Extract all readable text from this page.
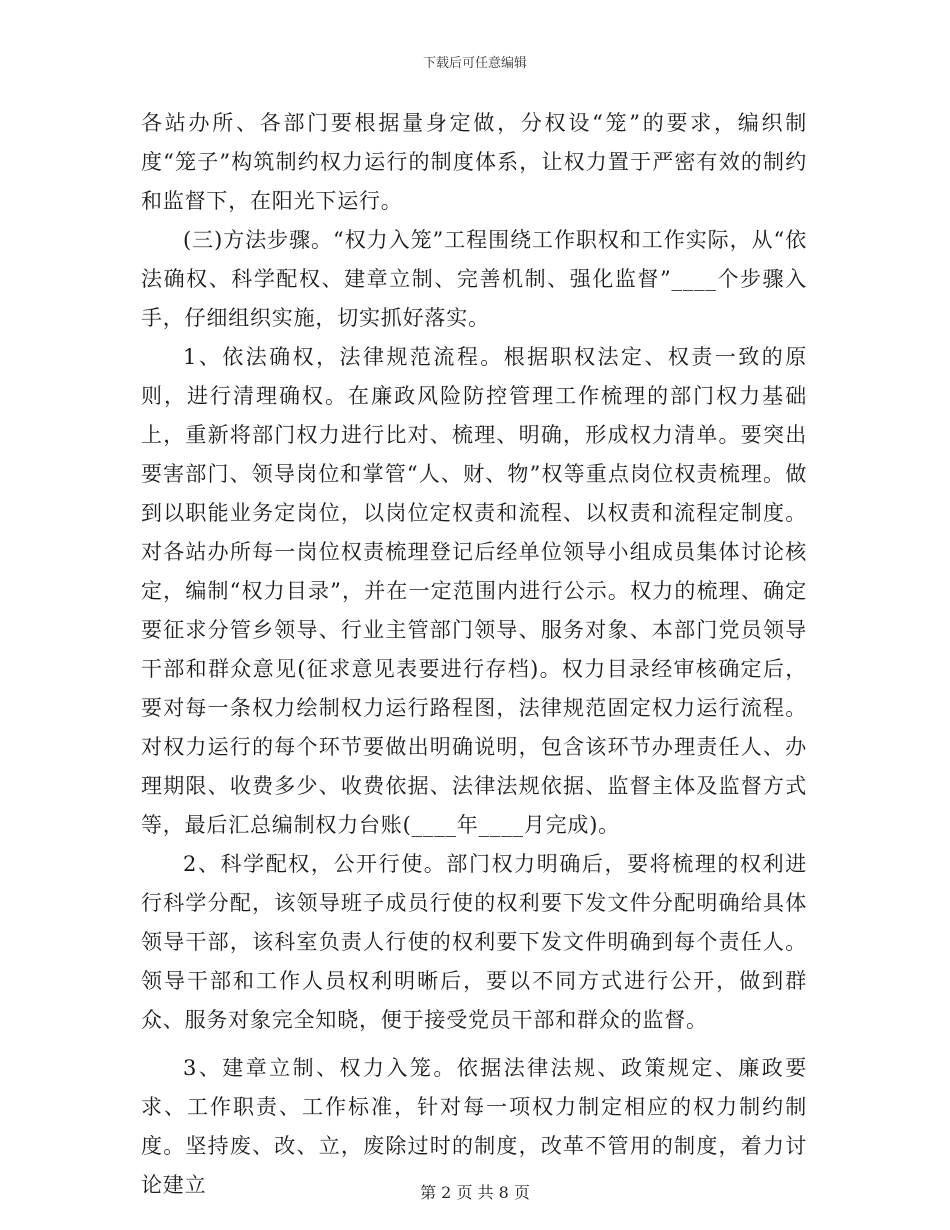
下载后可任意编辑

各站办所、各部门要根据量身定做，分权设“笼”的要求，编织制度“笼子”构筑制约权力运行的制度体系，让权力置于严密有效的制约和监督下，在阳光下运行。

(三)方法步骤。“权力入笼”工程围绕工作职权和工作实际，从“依法确权、科学配权、建章立制、完善机制、强化监督”____个步骤入手，仔细组织实施，切实抓好落实。

1、依法确权，法律规范流程。根据职权法定、权责一致的原则，进行清理确权。在廉政风险防控管理工作梳理的部门权力基础上，重新将部门权力进行比对、梳理、明确，形成权力清单。要突出要害部门、领导岗位和掌管“人、财、物”权等重点岗位权责梳理。做到以职能业务定岗位，以岗位定权责和流程、以权责和流程定制度。对各站办所每一岗位权责梳理登记后经单位领导小组成员集体讨论核定，编制“权力目录”，并在一定范围内进行公示。权力的梳理、确定要征求分管乡领导、行业主管部门领导、服务对象、本部门党员领导干部和群众意见(征求意见表要进行存档)。权力目录经审核确定后，要对每一条权力绘制权力运行路程图，法律规范固定权力运行流程。对权力运行的每个环节要做出明确说明，包含该环节办理责任人、办理期限、收费多少、收费依据、法律法规依据、监督主体及监督方式等，最后汇总编制权力台账(____年____月完成)。

2、科学配权，公开行使。部门权力明确后，要将梳理的权利进行科学分配，该领导班子成员行使的权利要下发文件分配明确给具体领导干部，该科室负责人行使的权利要下发文件明确到每个责任人。领导干部和工作人员权利明晰后，要以不同方式进行公开，做到群众、服务对象完全知晓，便于接受党员干部和群众的监督。

3、建章立制、权力入笼。依据法律法规、政策规定、廉政要求、工作职责、工作标准，针对每一项权力制定相应的权力制约制度。坚持废、改、立，废除过时的制度，改革不管用的制度，着力讨论建立	第 2 页 共 8 页
